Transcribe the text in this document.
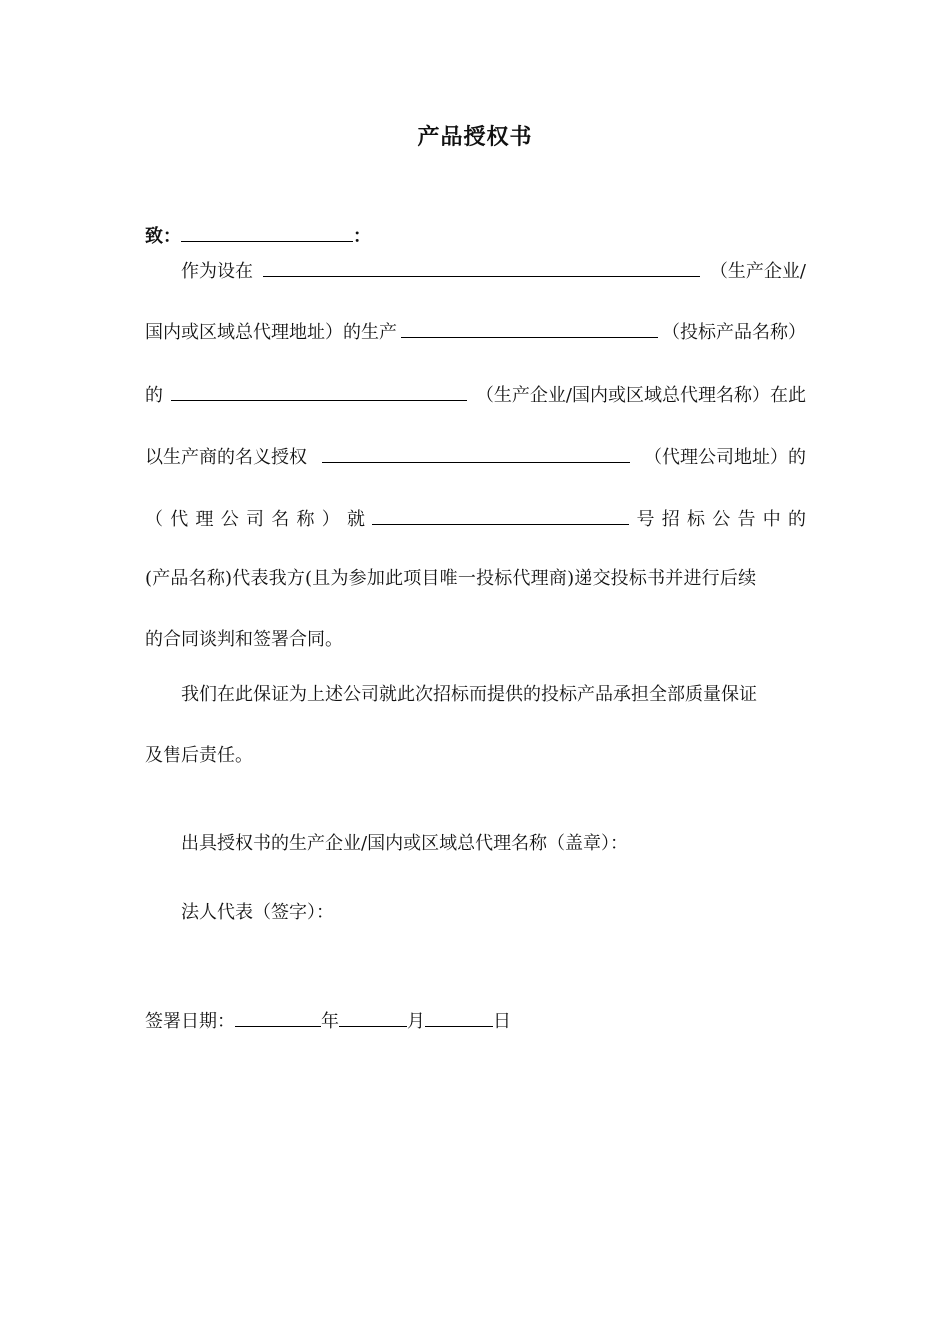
产品授权书
致：	：
作为设在	（生产企业/
国内或区域总代理地址）的生产	（投标产品名称）
的	（生产企业/国内或区域总代理名称）在此
以生产商的名义授权	（代理公司地址）的
（ 代 理 公 司 名 称 ） 就	号 招 标 公 告 中 的
(产品名称)代表我方(且为参加此项目唯一投标代理商)递交投标书并进行后续
的合同谈判和签署合同。
我们在此保证为上述公司就此次招标而提供的投标产品承担全部质量保证
及售后责任。
出具授权书的生产企业/国内或区域总代理名称（盖章）：
法人代表（签字）：
签署日期：	年	月	日
